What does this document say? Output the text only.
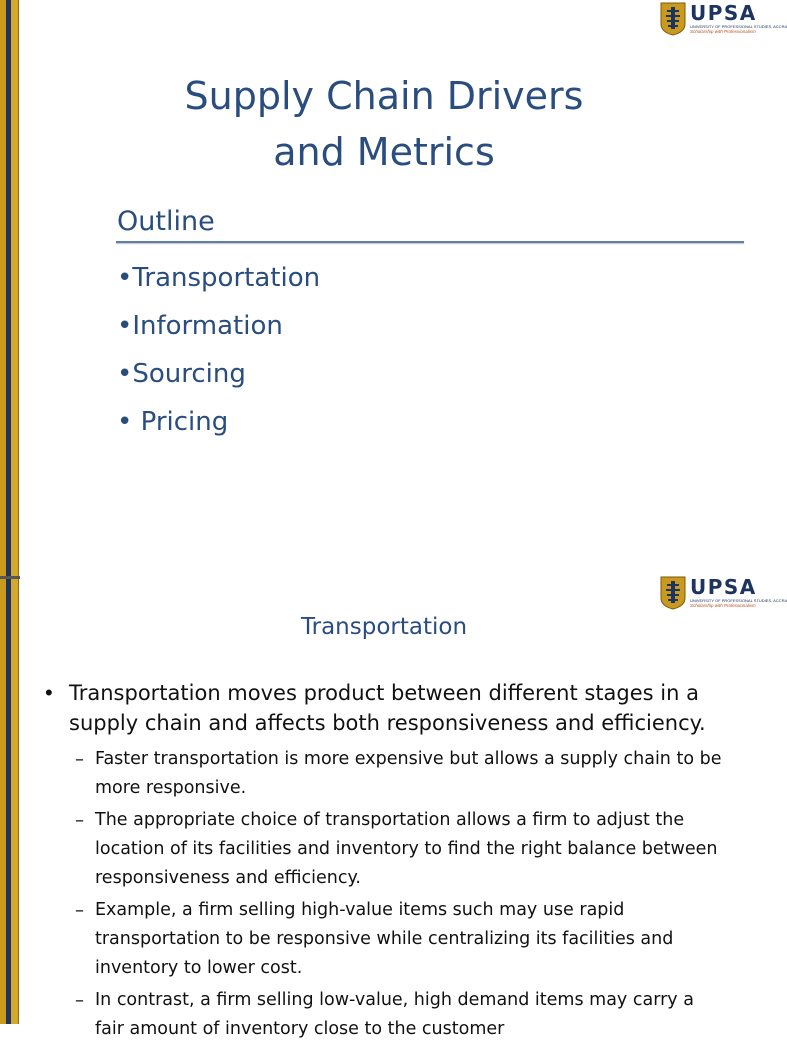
UPSA
UNIVERSITY OF PROFESSIONAL STUDIES, ACCRA
Scholarship with Professionalism
Supply Chain Drivers
and Metrics
Outline
•Transportation
•Information
•Sourcing
• Pricing
UPSA
UNIVERSITY OF PROFESSIONAL STUDIES, ACCRA
Scholarship with Professionalism
Transportation
• Transportation moves product between different stages in a supply chain and affects both responsiveness and efficiency.
– Faster transportation is more expensive but allows a supply chain to be more responsive.
– The appropriate choice of transportation allows a firm to adjust the location of its facilities and inventory to find the right balance between responsiveness and efficiency.
– Example, a firm selling high-value items such may use rapid transportation to be responsive while centralizing its facilities and inventory to lower cost.
– In contrast, a firm selling low-value, high demand items may carry a fair amount of inventory close to the customer
